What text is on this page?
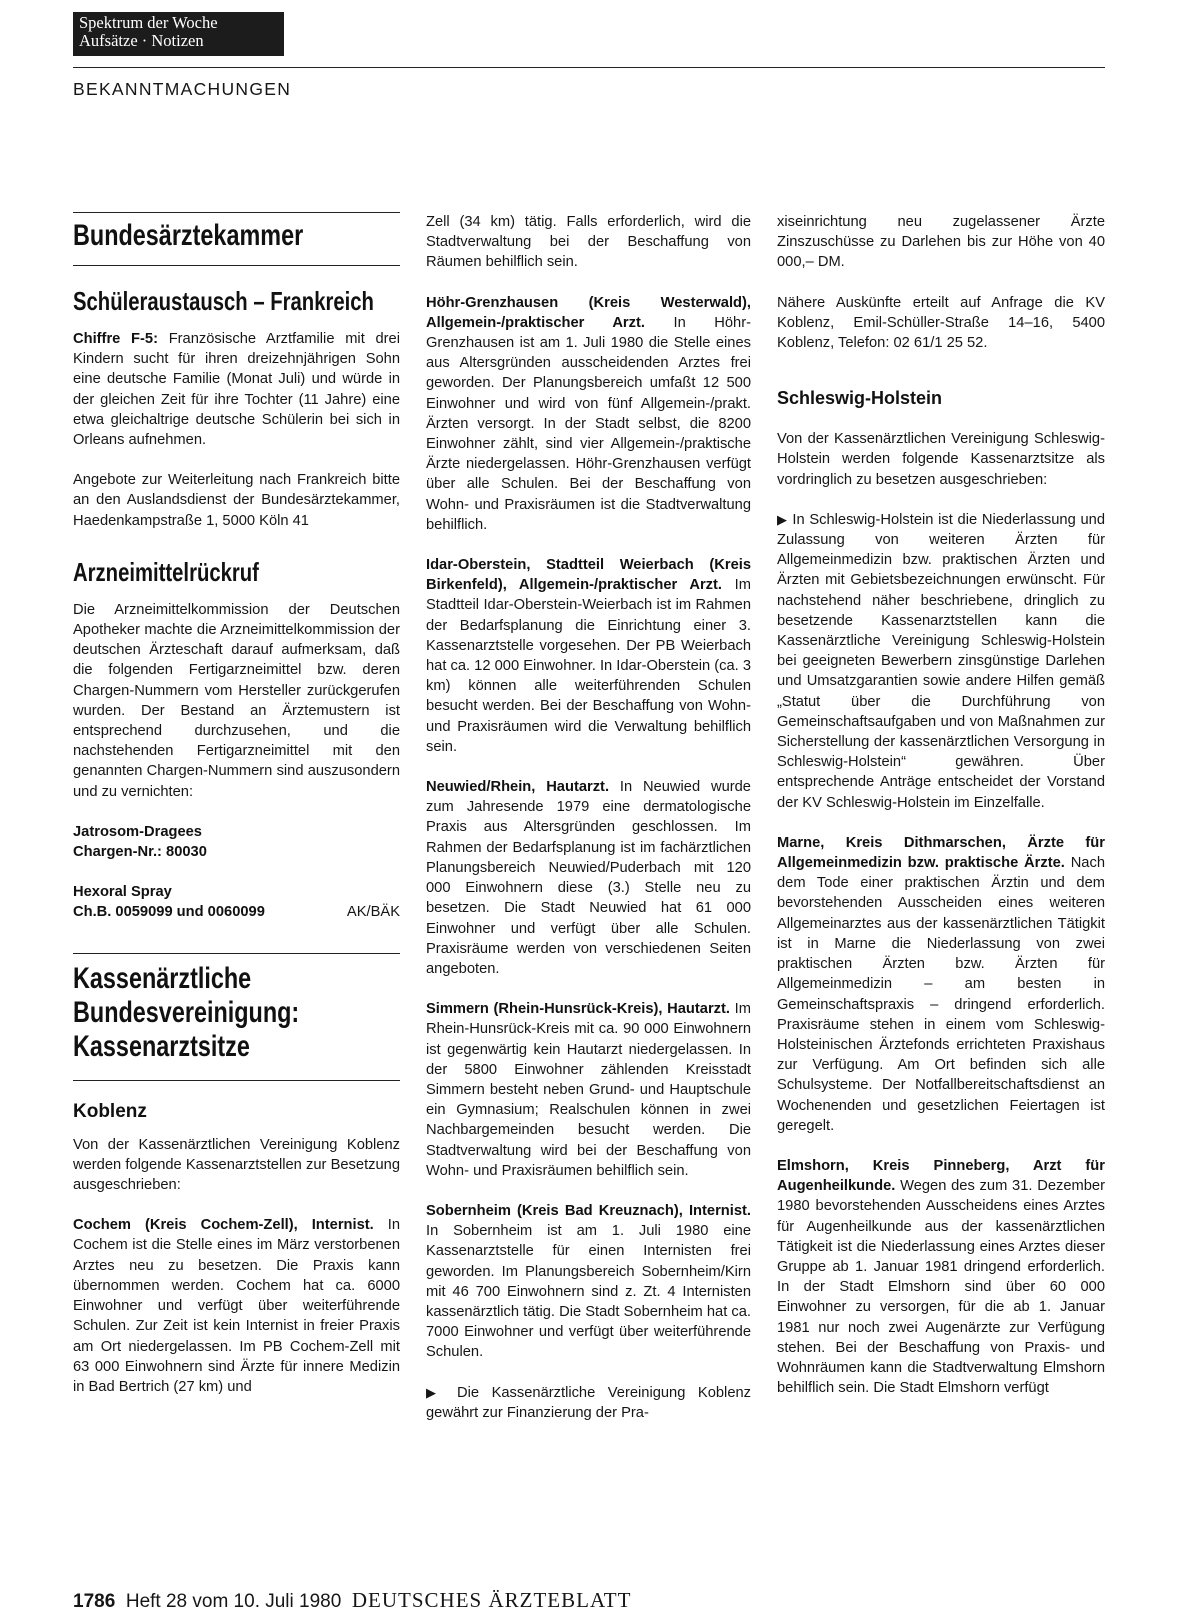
Spektrum der Woche
Aufsätze · Notizen
BEKANNTMACHUNGEN
Bundesärztekammer
Schüleraustausch – Frankreich

Chiffre F-5: Französische Arztfamilie mit drei Kindern sucht für ihren dreizehnjährigen Sohn eine deutsche Familie (Monat Juli) und würde in der gleichen Zeit für ihre Tochter (11 Jahre) eine etwa gleichaltrige deutsche Schülerin bei sich in Orleans aufnehmen.

Angebote zur Weiterleitung nach Frankreich bitte an den Auslandsdienst der Bundesärztekammer, Haedenkampstraße 1, 5000 Köln 41

Arzneimittelrückruf

Die Arzneimittelkommission der Deutschen Apotheker machte die Arzneimittelkommission der deutschen Ärzteschaft darauf aufmerksam, daß die folgenden Fertigarzneimittel bzw. deren Chargen-Nummern vom Hersteller zurückgerufen wurden. Der Bestand an Ärztemustern ist entsprechend durchzusehen, und die nachstehenden Fertigarzneimittel mit den genannten Chargen-Nummern sind auszusondern und zu vernichten:

Jatrosom-Dragees
Chargen-Nr.: 80030
Hexoral Spray
Ch.B. 0059099 und 0060099	AK/BÄK
Kassenärztliche
Bundesvereinigung:
Kassenarztsitze
Koblenz

Von der Kassenärztlichen Vereinigung Koblenz werden folgende Kassenarztstellen zur Besetzung ausgeschrieben:

Cochem (Kreis Cochem-Zell), Internist. In Cochem ist die Stelle eines im März verstorbenen Arztes neu zu besetzen. Die Praxis kann übernommen werden. Cochem hat ca. 6000 Einwohner und verfügt über weiterführende Schulen. Zur Zeit ist kein Internist in freier Praxis am Ort niedergelassen. Im PB Cochem-Zell mit 63 000 Einwohnern sind Ärzte für innere Medizin in Bad Bertrich (27 km) und

Zell (34 km) tätig. Falls erforderlich, wird die Stadtverwaltung bei der Beschaffung von Räumen behilflich sein.

Höhr-Grenzhausen (Kreis Westerwald), Allgemein-/praktischer Arzt. In Höhr-Grenzhausen ist am 1. Juli 1980 die Stelle eines aus Altersgründen ausscheidenden Arztes frei geworden. Der Planungsbereich umfaßt 12 500 Einwohner und wird von fünf Allgemein-/prakt. Ärzten versorgt. In der Stadt selbst, die 8200 Einwohner zählt, sind vier Allgemein-/praktische Ärzte niedergelassen. Höhr-Grenzhausen verfügt über alle Schulen. Bei der Beschaffung von Wohn- und Praxisräumen ist die Stadtverwaltung behilflich.

Idar-Oberstein, Stadtteil Weierbach (Kreis Birkenfeld), Allgemein-/praktischer Arzt. Im Stadtteil Idar-Oberstein-Weierbach ist im Rahmen der Bedarfsplanung die Einrichtung einer 3. Kassenarztstelle vorgesehen. Der PB Weierbach hat ca. 12 000 Einwohner. In Idar-Oberstein (ca. 3 km) können alle weiterführenden Schulen besucht werden. Bei der Beschaffung von Wohn- und Praxisräumen wird die Verwaltung behilflich sein.

Neuwied/Rhein, Hautarzt. In Neuwied wurde zum Jahresende 1979 eine dermatologische Praxis aus Altersgründen geschlossen. Im Rahmen der Bedarfsplanung ist im fachärztlichen Planungsbereich Neuwied/Puderbach mit 120 000 Einwohnern diese (3.) Stelle neu zu besetzen. Die Stadt Neuwied hat 61 000 Einwohner und verfügt über alle Schulen. Praxisräume werden von verschiedenen Seiten angeboten.

Simmern (Rhein-Hunsrück-Kreis), Hautarzt. Im Rhein-Hunsrück-Kreis mit ca. 90 000 Einwohnern ist gegenwärtig kein Hautarzt niedergelassen. In der 5800 Einwohner zählenden Kreisstadt Simmern besteht neben Grund- und Hauptschule ein Gymnasium; Realschulen können in zwei Nachbargemeinden besucht werden. Die Stadtverwaltung wird bei der Beschaffung von Wohn- und Praxisräumen behilflich sein.

Sobernheim (Kreis Bad Kreuznach), Internist. In Sobernheim ist am 1. Juli 1980 eine Kassenarztstelle für einen Internisten frei geworden. Im Planungsbereich Sobernheim/Kirn mit 46 700 Einwohnern sind z. Zt. 4 Internisten kassenärztlich tätig. Die Stadt Sobernheim hat ca. 7000 Einwohner und verfügt über weiterführende Schulen.

▶ Die Kassenärztliche Vereinigung Koblenz gewährt zur Finanzierung der Pra-

xiseinrichtung neu zugelassener Ärzte Zinszuschüsse zu Darlehen bis zur Höhe von 40 000,– DM.

Nähere Auskünfte erteilt auf Anfrage die KV Koblenz, Emil-Schüller-Straße 14–16, 5400 Koblenz, Telefon: 02 61/1 25 52.

Schleswig-Holstein

Von der Kassenärztlichen Vereinigung Schleswig-Holstein werden folgende Kassenarztsitze als vordringlich zu besetzen ausgeschrieben:

▶ In Schleswig-Holstein ist die Niederlassung und Zulassung von weiteren Ärzten für Allgemeinmedizin bzw. praktischen Ärzten und Ärzten mit Gebietsbezeichnungen erwünscht. Für nachstehend näher beschriebene, dringlich zu besetzende Kassenarztstellen kann die Kassenärztliche Vereinigung Schleswig-Holstein bei geeigneten Bewerbern zinsgünstige Darlehen und Umsatzgarantien sowie andere Hilfen gemäß „Statut über die Durchführung von Gemeinschaftsaufgaben und von Maßnahmen zur Sicherstellung der kassenärztlichen Versorgung in Schleswig-Holstein“ gewähren. Über entsprechende Anträge entscheidet der Vorstand der KV Schleswig-Holstein im Einzelfalle.

Marne, Kreis Dithmarschen, Ärzte für Allgemeinmedizin bzw. praktische Ärzte. Nach dem Tode einer praktischen Ärztin und dem bevorstehenden Ausscheiden eines weiteren Allgemeinarztes aus der kassenärztlichen Tätigkit ist in Marne die Niederlassung von zwei praktischen Ärzten bzw. Ärzten für Allgemeinmedizin – am besten in Gemeinschaftspraxis – dringend erforderlich. Praxisräume stehen in einem vom Schleswig-Holsteinischen Ärztefonds errichteten Praxishaus zur Verfügung. Am Ort befinden sich alle Schulsysteme. Der Notfallbereitschaftsdienst an Wochenenden und gesetzlichen Feiertagen ist geregelt.

Elmshorn, Kreis Pinneberg, Arzt für Augenheilkunde. Wegen des zum 31. Dezember 1980 bevorstehenden Ausscheidens eines Arztes für Augenheilkunde aus der kassenärztlichen Tätigkeit ist die Niederlassung eines Arztes dieser Gruppe ab 1. Januar 1981 dringend erforderlich. In der Stadt Elmshorn sind über 60 000 Einwohner zu versorgen, für die ab 1. Januar 1981 nur noch zwei Augenärzte zur Verfügung stehen. Bei der Beschaffung von Praxis- und Wohnräumen kann die Stadtverwaltung Elmshorn behilflich sein. Die Stadt Elmshorn verfügt

1786 Heft 28 vom 10. Juli 1980 DEUTSCHES ÄRZTEBLATT
